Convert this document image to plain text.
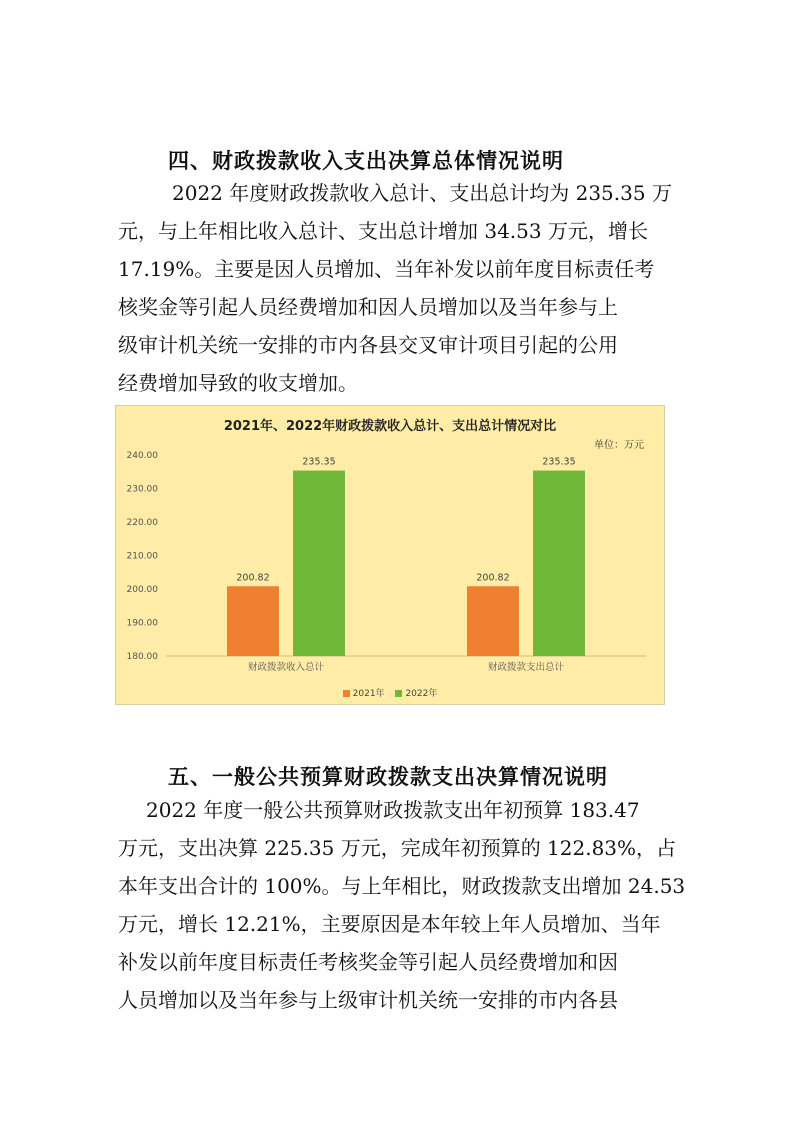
四、财政拨款收入支出决算总体情况说明
2022 年度财政拨款收入总计、支出总计均为 235.35 万
元，与上年相比收入总计、支出总计增加 34.53 万元，增长
17.19%。主要是因人员增加、当年补发以前年度目标责任考
核奖金等引起人员经费增加和因人员增加以及当年参与上
级审计机关统一安排的市内各县交叉审计项目引起的公用
经费增加导致的收支增加。
180.00
190.00
200.00
210.00
220.00
230.00
240.00
200.82
235.35
财政拨款收入总计
200.82
235.35
财政拨款支出总计
2021年、2022年财政拨款收入总计、支出总计情况对比
单位：万元
2021年 2022年
五、一般公共预算财政拨款支出决算情况说明
2022 年度一般公共预算财政拨款支出年初预算 183.47
万元，支出决算 225.35 万元，完成年初预算的 122.83%，占
本年支出合计的 100%。与上年相比，财政拨款支出增加 24.53
万元，增长 12.21%，主要原因是本年较上年人员增加、当年
补发以前年度目标责任考核奖金等引起人员经费增加和因
人员增加以及当年参与上级审计机关统一安排的市内各县
